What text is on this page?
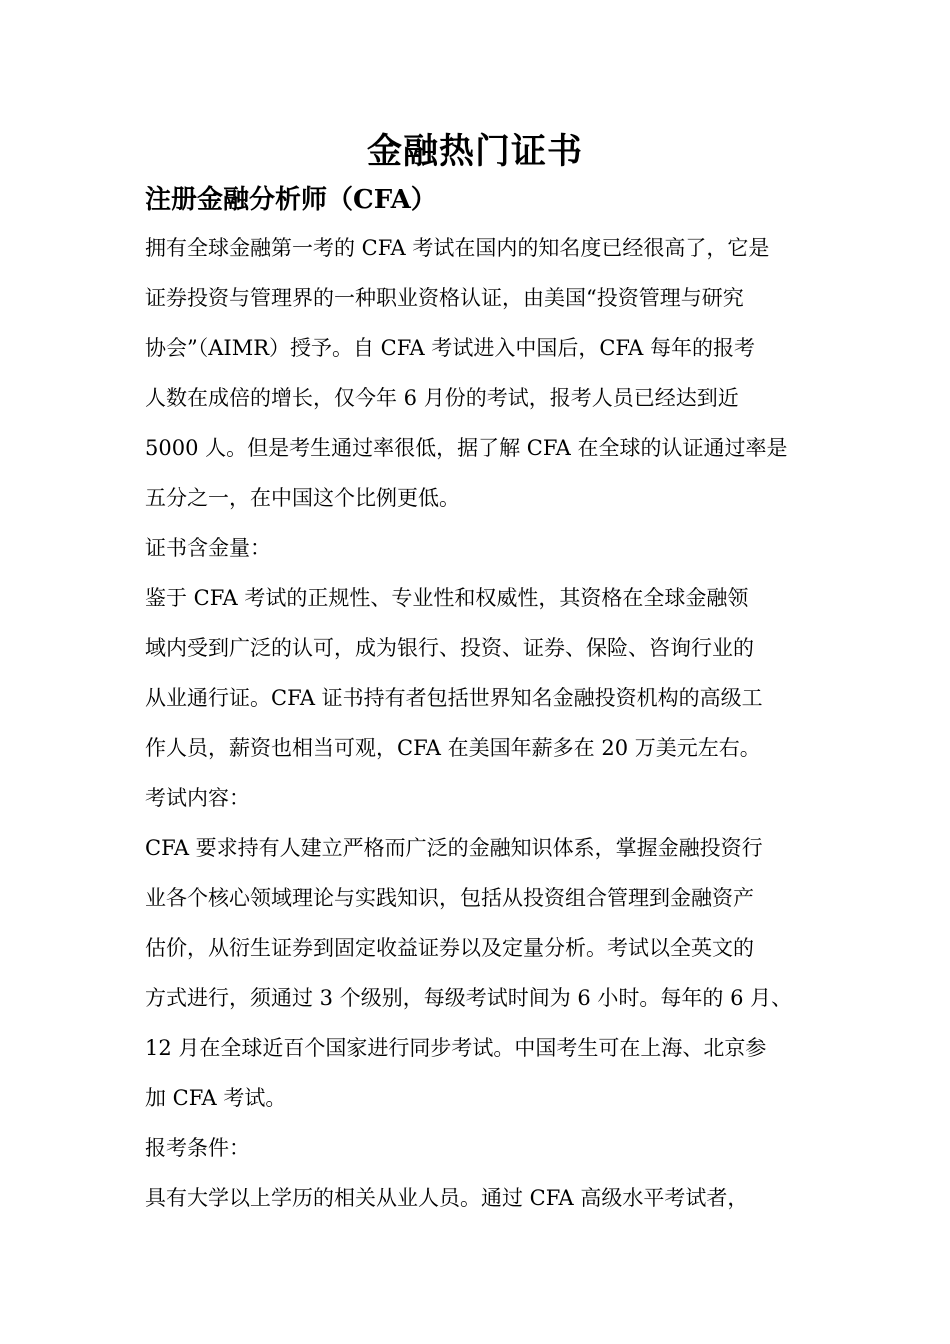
金融热门证书
注册金融分析师（CFA）
拥有全球金融第一考的 CFA 考试在国内的知名度已经很高了，它是
证券投资与管理界的一种职业资格认证，由美国“投资管理与研究
协会”（AIMR）授予。自 CFA 考试进入中国后，CFA 每年的报考
人数在成倍的增长，仅今年 6 月份的考试，报考人员已经达到近
5000 人。但是考生通过率很低，据了解 CFA 在全球的认证通过率是
五分之一，在中国这个比例更低。
证书含金量：
鉴于 CFA 考试的正规性、专业性和权威性，其资格在全球金融领
域内受到广泛的认可，成为银行、投资、证券、保险、咨询行业的
从业通行证。CFA 证书持有者包括世界知名金融投资机构的高级工
作人员，薪资也相当可观，CFA 在美国年薪多在 20 万美元左右。
考试内容：
CFA 要求持有人建立严格而广泛的金融知识体系，掌握金融投资行
业各个核心领域理论与实践知识，包括从投资组合管理到金融资产
估价，从衍生证券到固定收益证券以及定量分析。考试以全英文的
方式进行，须通过 3 个级别，每级考试时间为 6 小时。每年的 6 月、
12 月在全球近百个国家进行同步考试。中国考生可在上海、北京参
加 CFA 考试。
报考条件：
具有大学以上学历的相关从业人员。通过 CFA 高级水平考试者，
